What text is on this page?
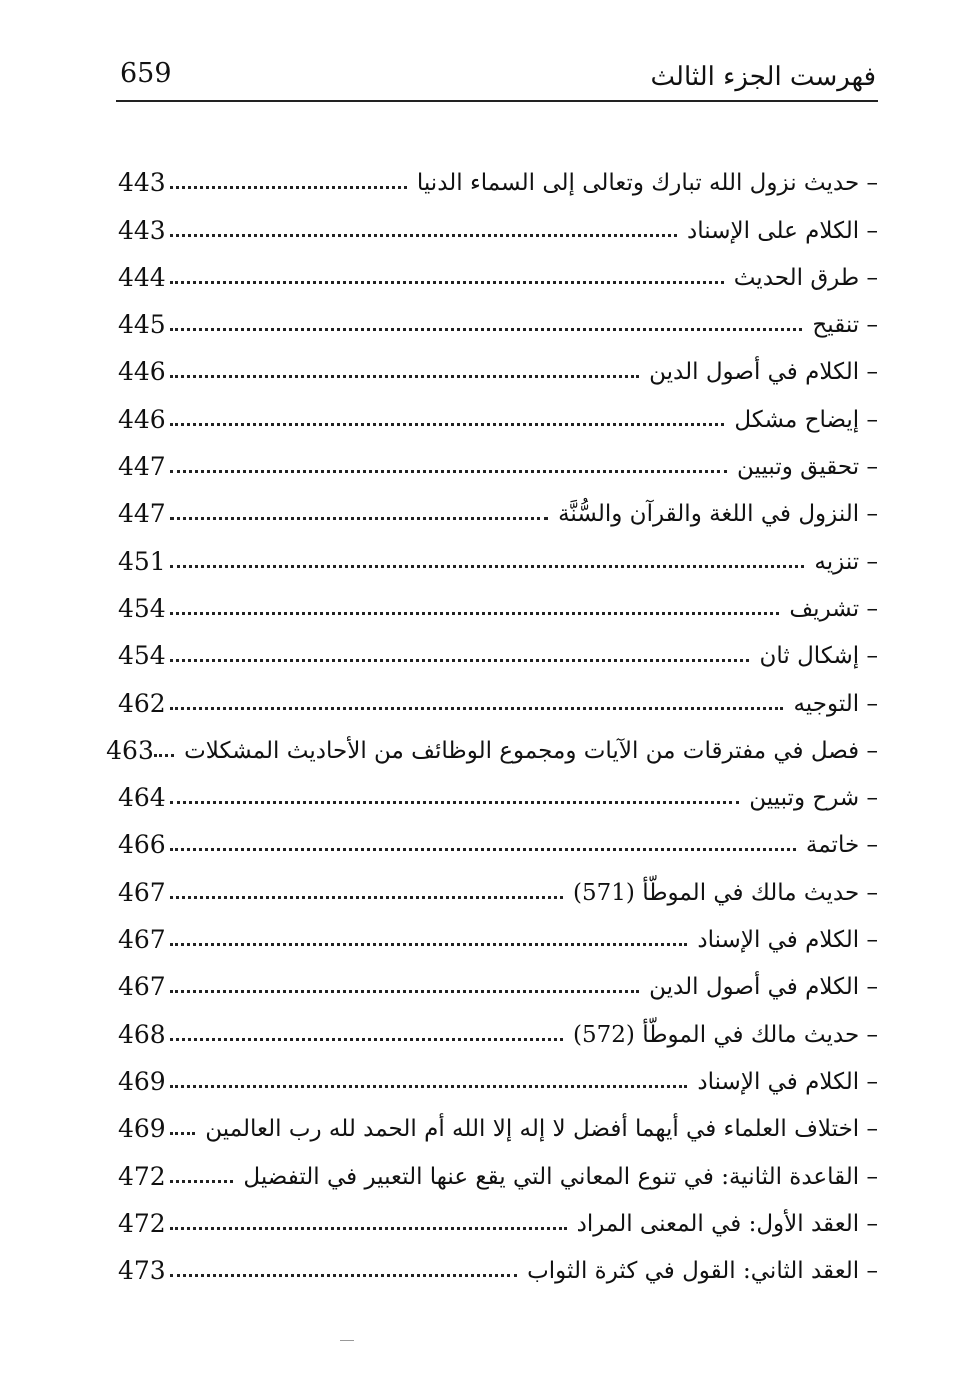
659	فهرست الجزء الثالث
– حديث نزول الله تبارك وتعالى إلى السماء الدنيا
443
– الكلام على الإسناد
443
– طرق الحديث
444
– تنقيح
445
– الكلام في أصول الدين
446
– إيضاح مشكل
446
– تحقيق وتبيين
447
– النزول في اللغة والقرآن والسُّنَّة
447
– تنزيه
451
– تشريف
454
– إشكال ثان
454
– التوجيه
462
– فصل في مفترقات من الآيات ومجموع الوظائف من الأحاديث المشكلات
463
– شرح وتبيين
464
– خاتمة
466
– حديث مالك في الموطّأ (571)
467
– الكلام في الإسناد
467
– الكلام في أصول الدين
467
– حديث مالك في الموطّأ (572)
468
– الكلام في الإسناد
469
– اختلاف العلماء في أيهما أفضل لا إله إلا الله أم الحمد لله رب العالمين
469
– القاعدة الثانية: في تنوع المعاني التي يقع عنها التعبير في التفضيل
472
– العقد الأول: في المعنى المراد
472
– العقد الثاني: القول في كثرة الثواب
473
